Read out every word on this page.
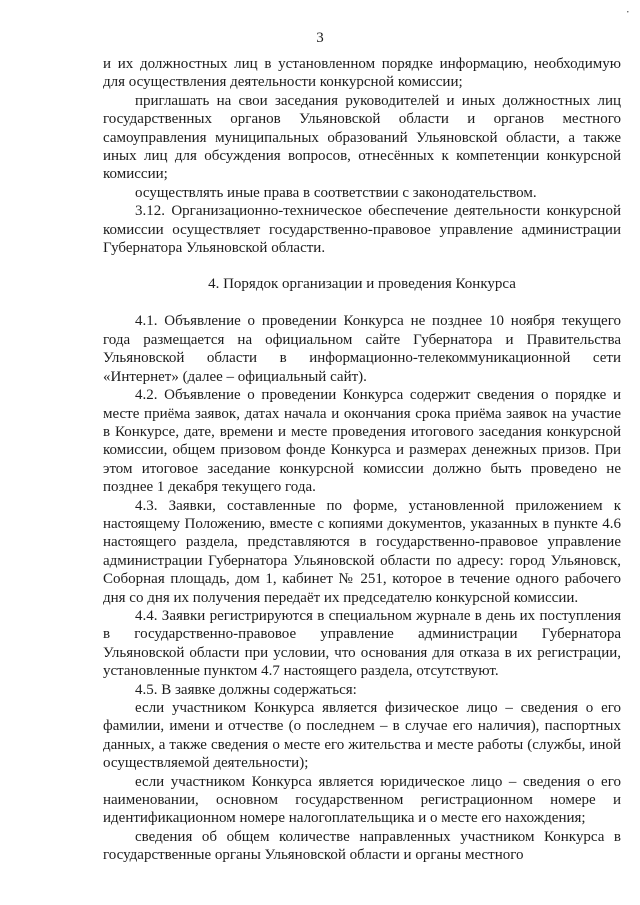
·
3

и их должностных лиц в установленном порядке информацию, необходимую для осуществления деятельности конкурсной комиссии;

приглашать на свои заседания руководителей и иных должностных лиц государственных органов Ульяновской области и органов местного самоуправления муниципальных образований Ульяновской области, а также иных лиц для обсуждения вопросов, отнесённых к компетенции конкурсной комиссии;

осуществлять иные права в соответствии с законодательством.

3.12. Организационно-техническое обеспечение деятельности конкурсной комиссии осуществляет государственно-правовое управление администрации Губернатора Ульяновской области.

4. Порядок организации и проведения Конкурса

4.1. Объявление о проведении Конкурса не позднее 10 ноября текущего года размещается на официальном сайте Губернатора и Правительства Ульяновской области в информационно-телекоммуникационной сети «Интернет» (далее – официальный сайт).

4.2. Объявление о проведении Конкурса содержит сведения о порядке и месте приёма заявок, датах начала и окончания срока приёма заявок на участие в Конкурсе, дате, времени и месте проведения итогового заседания конкурсной комиссии, общем призовом фонде Конкурса и размерах денежных призов. При этом итоговое заседание конкурсной комиссии должно быть проведено не позднее 1 декабря текущего года.

4.3. Заявки, составленные по форме, установленной приложением к настоящему Положению, вместе с копиями документов, указанных в пункте 4.6 настоящего раздела, представляются в государственно-правовое управление администрации Губернатора Ульяновской области по адресу: город Ульяновск, Соборная площадь, дом 1, кабинет № 251, которое в течение одного рабочего дня со дня их получения передаёт их председателю конкурсной комиссии.

4.4. Заявки регистрируются в специальном журнале в день их поступления в государственно-правовое управление администрации Губернатора Ульяновской области при условии, что основания для отказа в их регистрации, установленные пунктом 4.7 настоящего раздела, отсутствуют.

4.5. В заявке должны содержаться:

если участником Конкурса является физическое лицо – сведения о его фамилии, имени и отчестве (о последнем – в случае его наличия), паспортных данных, а также сведения о месте его жительства и месте работы (службы, иной осуществляемой деятельности);

если участником Конкурса является юридическое лицо – сведения о его наименовании, основном государственном регистрационном номере и идентификационном номере налогоплательщика и о месте его нахождения;

сведения об общем количестве направленных участником Конкурса в государственные органы Ульяновской области и органы местного
